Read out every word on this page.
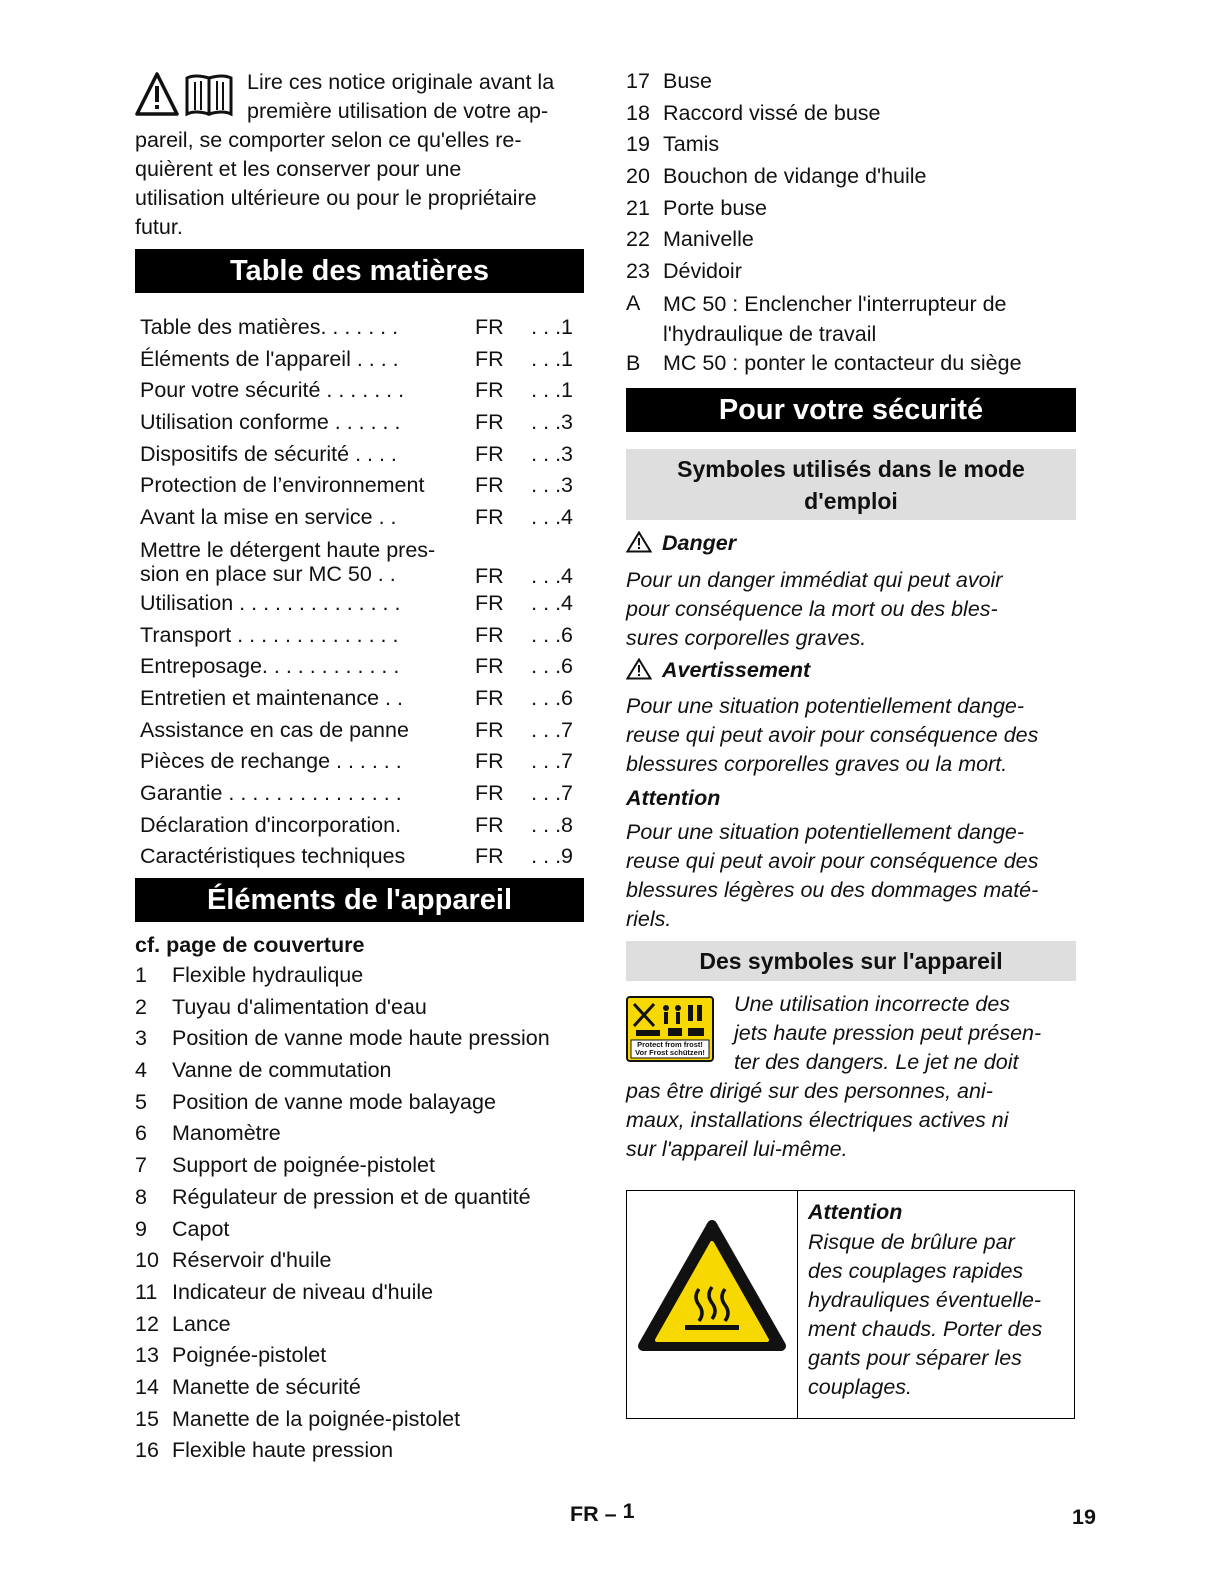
Lire ces notice originale avant la
première utilisation de votre ap-
pareil, se comporter selon ce qu'elles re-
quièrent et les conserver pour une
utilisation ultérieure ou pour le propriétaire
futur.
Table des matières
Table des matières. . . . . . .	FR . . .1
Éléments de l'appareil . . . .	FR . . .1
Pour votre sécurité . . . . . . .	FR . . .1
Utilisation conforme . . . . . .	FR . . .3
Dispositifs de sécurité . . . .	FR . . .3
Protection de l’environnement	FR . . .3
Avant la mise en service . .	FR . . .4
Mettre le détergent haute pres-
sion en place sur MC 50 . .	FR . . .4
Utilisation . . . . . . . . . . . . . .	FR . . .4
Transport . . . . . . . . . . . . . .	FR . . .6
Entreposage. . . . . . . . . . . .	FR . . .6
Entretien et maintenance . .	FR . . .6
Assistance en cas de panne	FR . . .7
Pièces de rechange . . . . . .	FR . . .7
Garantie . . . . . . . . . . . . . . .	FR . . .7
Déclaration d'incorporation.	FR . . .8
Caractéristiques techniques	FR . . .9
Éléments de l'appareil
cf. page de couverture
1 Flexible hydraulique
2 Tuyau d'alimentation d'eau
3 Position de vanne mode haute pression
4 Vanne de commutation
5 Position de vanne mode balayage
6 Manomètre
7 Support de poignée-pistolet
8 Régulateur de pression et de quantité
9 Capot
10 Réservoir d'huile
11 Indicateur de niveau d'huile
12 Lance
13 Poignée-pistolet
14 Manette de sécurité
15 Manette de la poignée-pistolet
16 Flexible haute pression
17 Buse
18 Raccord vissé de buse
19 Tamis
20 Bouchon de vidange d'huile
21 Porte buse
22 Manivelle
23 Dévidoir
A MC 50 : Enclencher l'interrupteur de
l'hydraulique de travail
B MC 50 : ponter le contacteur du siège
Pour votre sécurité
Symboles utilisés dans le mode
d'emploi
Danger
Pour un danger immédiat qui peut avoir
pour conséquence la mort ou des bles-
sures corporelles graves.
Avertissement
Pour une situation potentiellement dange-
reuse qui peut avoir pour conséquence des
blessures corporelles graves ou la mort.
Attention
Pour une situation potentiellement dange-
reuse qui peut avoir pour conséquence des
blessures légères ou des dommages maté-
riels.
Des symboles sur l'appareil
Protect from frost!
Vor Frost schützen!
Une utilisation incorrecte des
jets haute pression peut présen-
ter des dangers. Le jet ne doit
pas être dirigé sur des personnes, ani-
maux, installations électriques actives ni
sur l'appareil lui-même.
Attention
Risque de brûlure par
des couplages rapides
hydrauliques éventuelle-
ment chauds. Porter des
gants pour séparer les
couplages.
FR – 1	19
